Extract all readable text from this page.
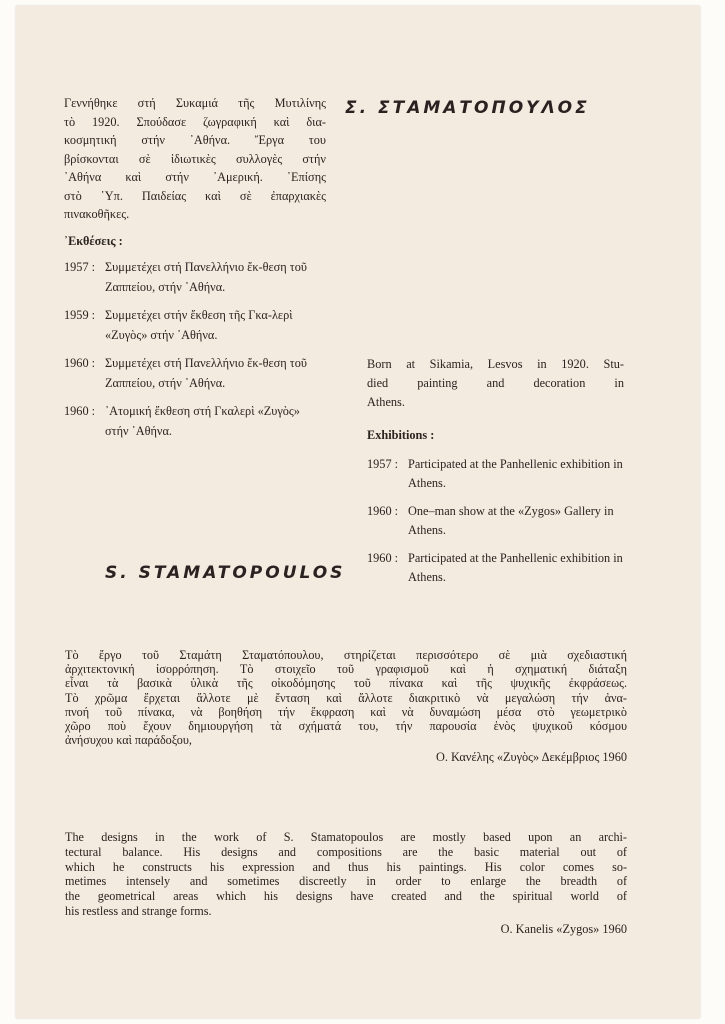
Σ. ΣΤΑΜΑΤΟΠΟΥΛΟΣ
Γεννήθηκε στή Συκαμιά τῆς Μυτιλίνης
τὸ 1920. Σπούδασε ζωγραφική καὶ δια-
κοσμητική στήν ᾿Αθήνα. Ἔργα του
βρίσκονται σὲ ἰδιωτικὲς συλλογὲς στήν
᾿Αθήνα καὶ στήν ᾿Αμερική. ᾿Επίσης
στὸ ῾Υπ. Παιδείας καὶ σὲ ἐπαρχιακὲς
πινακοθῆκες.
᾿Εκθέσεις :
1957 : Συμμετέχει στή Πανελλήνιο ἔκ-θεση τοῦ Ζαππείου, στήν ᾿Αθήνα.
1959 : Συμμετέχει στήν ἔκθεση τῆς Γκα-λερὶ «Ζυγὸς» στήν ᾿Αθήνα.
1960 : Συμμετέχει στή Πανελλήνιο ἔκ-θεση τοῦ Ζαππείου, στήν ᾿Αθήνα.
1960 : ᾿Ατομική ἔκθεση στή Γκαλερὶ «Ζυγὸς» στήν ᾿Αθήνα.
Born at Sikamia, Lesvos in 1920. Stu-
died painting and decoration in
Athens.
Exhibitions :
1957 : Participated at the Panhellenic exhibition in Athens.
1960 : One–man show at the «Zygos» Gallery in Athens.
1960 : Participated at the Panhellenic exhibition in Athens.
S. STAMATOPOULOS
Τὸ ἔργο τοῦ Σταμάτη Σταματόπουλου, στηρίζεται περισσότερο σὲ μιὰ σχεδιαστική
ἀρχιτεκτονική ἰσορρόπηση. Τὸ στοιχεῖο τοῦ γραφισμοῦ καὶ ἡ σχηματική διάταξη
εἶναι τὰ βασικὰ ὑλικὰ τῆς οἰκοδόμησης τοῦ πίνακα καὶ τῆς ψυχικῆς ἐκφράσεως.
Τὸ χρῶμα ἔρχεται ἄλλοτε μὲ ἔνταση καὶ ἄλλοτε διακριτικὸ νὰ μεγαλώση τήν ἀνα-
πνοή τοῦ πίνακα, νὰ βοηθήση τήν ἔκφραση καὶ νὰ δυναμώση μέσα στὸ γεωμετρικὸ
χῶρο ποὺ ἔχουν δημιουργήση τὰ σχήματά του, τήν παρουσία ἑνὸς ψυχικοῦ κόσμου
ἀνήσυχου καὶ παράδοξου,
Ο. Κανέλης «Ζυγὸς» Δεκέμβριος 1960
The designs in the work of S. Stamatopoulos are mostly based upon an archi-
tectural balance. His designs and compositions are the basic material out of
which he constructs his expression and thus his paintings. His color comes so-
metimes intensely and sometimes discreetly in order to enlarge the breadth of
the geometrical areas which his designs have created and the spiritual world of
his restless and strange forms.
O. Kanelis «Zygos» 1960
